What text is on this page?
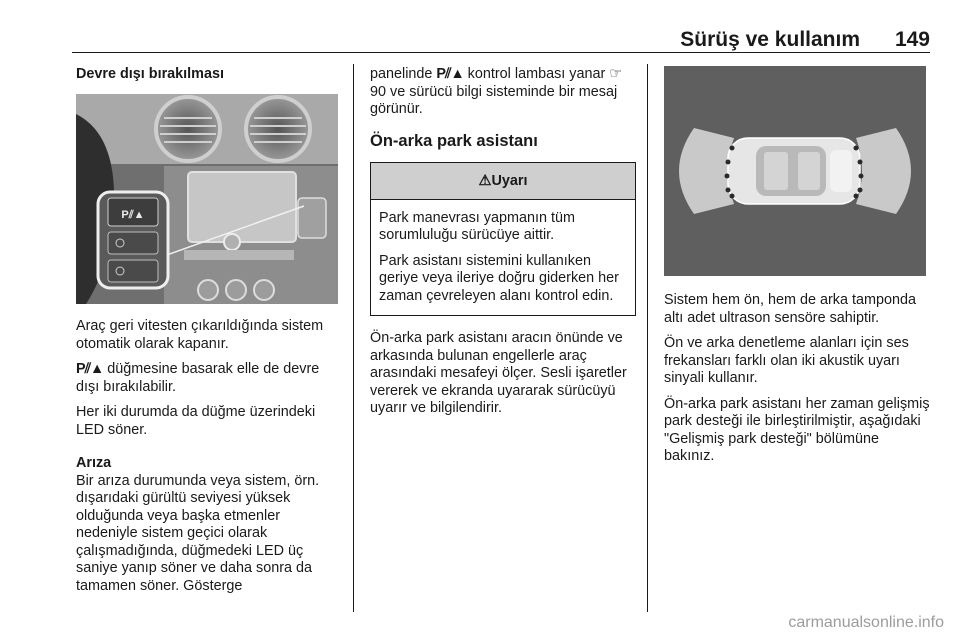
Sürüş ve kullanım	149
Devre dışı bırakılması
P⫽▲

Araç geri vitesten çıkarıldığında sistem otomatik olarak kapanır.

P⫽▲ düğmesine basarak elle de devre dışı bırakılabilir.

Her iki durumda da düğme üzerindeki LED söner.

Arıza

Bir arıza durumunda veya sistem, örn. dışarıdaki gürültü seviyesi yüksek olduğunda veya başka etmenler nedeniyle sistem geçici olarak çalışmadığında, düğmedeki LED üç saniye yanıp söner ve daha sonra da tamamen söner. Gösterge

panelinde P⫽▲ kontrol lambası yanar ☞ 90 ve sürücü bilgi sisteminde bir mesaj görünür.

Ön-arka park asistanı
⚠Uyarı

Park manevrası yapmanın tüm sorumluluğu sürücüye aittir.

Park asistanı sistemini kullanıken geriye veya ileriye doğru giderken her zaman çevreleyen alanı kontrol edin.

Ön-arka park asistanı aracın önünde ve arkasında bulunan engellerle araç arasındaki mesafeyi ölçer. Sesli işaretler vererek ve ekranda uyararak sürücüyü uyarır ve bilgilendirir.

Sistem hem ön, hem de arka tamponda altı adet ultrason sensöre sahiptir.

Ön ve arka denetleme alanları için ses frekansları farklı olan iki akustik uyarı sinyali kullanır.

Ön-arka park asistanı her zaman gelişmiş park desteği ile birleştirilmiştir, aşağıdaki "Gelişmiş park desteği" bölümüne bakınız.

carmanualsonline.info
